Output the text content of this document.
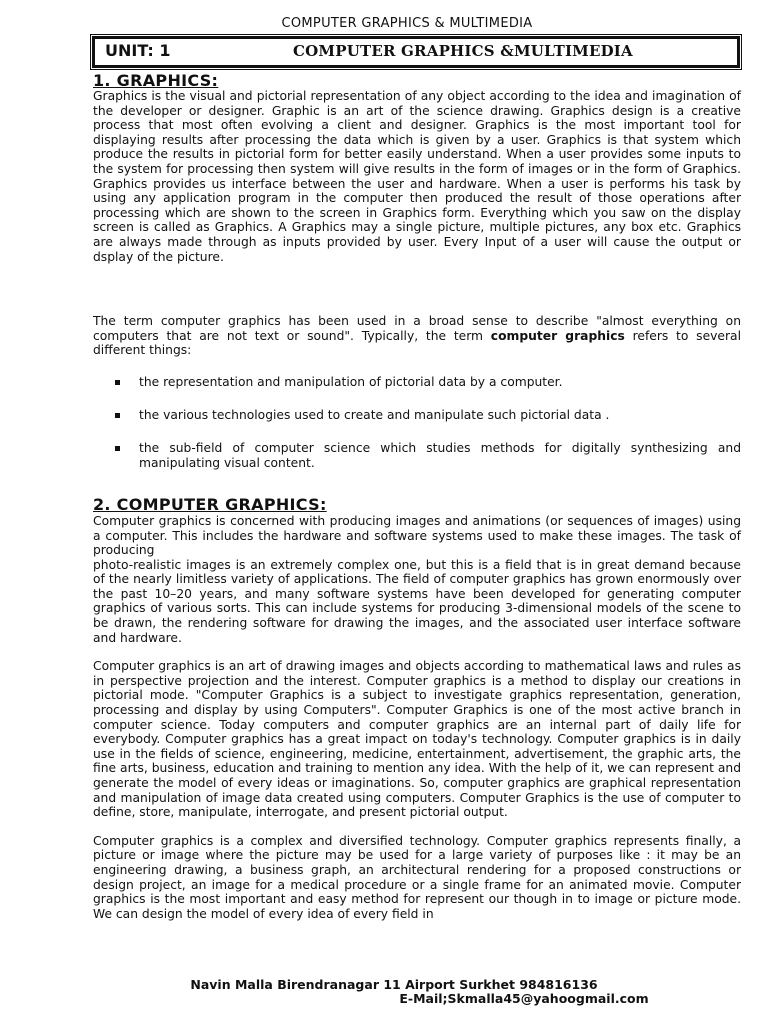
COMPUTER GRAPHICS & MULTIMEDIA
UNIT: 1	COMPUTER GRAPHICS &MULTIMEDIA
1. GRAPHICS:

Graphics is the visual and pictorial representation of any object according to the idea and imagination of the developer or designer. Graphic is an art of the science drawing. Graphics design is a creative process that most often evolving a client and designer. Graphics is the most important tool for displaying results after processing the data which is given by a user. Graphics is that system which produce the results in pictorial form for better easily understand. When a user provides some inputs to the system for processing then system will give results in the form of images or in the form of Graphics. Graphics provides us interface between the user and hardware. When a user is performs his task by using any application program in the computer then produced the result of those operations after processing which are shown to the screen in Graphics form. Everything which you saw on the display screen is called as Graphics. A Graphics may a single picture, multiple pictures, any box etc. Graphics are always made through as inputs provided by user. Every Input of a user will cause the output or dsplay of the picture.

The term computer graphics has been used in a broad sense to describe "almost everything on computers that are not text or sound". Typically, the term computer graphics refers to several different things:

the representation and manipulation of pictorial data by a computer.
the various technologies used to create and manipulate such pictorial data .
the sub-field of computer science which studies methods for digitally synthesizing and manipulating visual content.
2. COMPUTER GRAPHICS:

Computer graphics is concerned with producing images and animations (or sequences of images) using a computer. This includes the hardware and software systems used to make these images. The task of producing

photo-realistic images is an extremely complex one, but this is a field that is in great demand because of the nearly limitless variety of applications. The field of computer graphics has grown enormously over the past 10–20 years, and many software systems have been developed for generating computer graphics of various sorts. This can include systems for producing 3-dimensional models of the scene to be drawn, the rendering software for drawing the images, and the associated user interface software and hardware.

Computer graphics is an art of drawing images and objects according to mathematical laws and rules as in perspective projection and the interest. Computer graphics is a method to display our creations in pictorial mode. "Computer Graphics is a subject to investigate graphics representation, generation, processing and display by using Computers". Computer Graphics is one of the most active branch in computer science. Today computers and computer graphics are an internal part of daily life for everybody. Computer graphics has a great impact on today's technology. Computer graphics is in daily use in the fields of science, engineering, medicine, entertainment, advertisement, the graphic arts, the fine arts, business, education and training to mention any idea. With the help of it, we can represent and generate the model of every ideas or imaginations. So, computer graphics are graphical representation and manipulation of image data created using computers. Computer Graphics is the use of computer to define, store, manipulate, interrogate, and present pictorial output.

Computer graphics is a complex and diversified technology. Computer graphics represents finally, a picture or image where the picture may be used for a large variety of purposes like : it may be an engineering drawing, a business graph, an architectural rendering for a proposed constructions or design project, an image for a medical procedure or a single frame for an animated movie. Computer graphics is the most important and easy method for represent our though in to image or picture mode. We can design the model of every idea of every field in

Navin Malla Birendranagar 11 Airport Surkhet 984816136
E-Mail;Skmalla45@yahoogmail.com
